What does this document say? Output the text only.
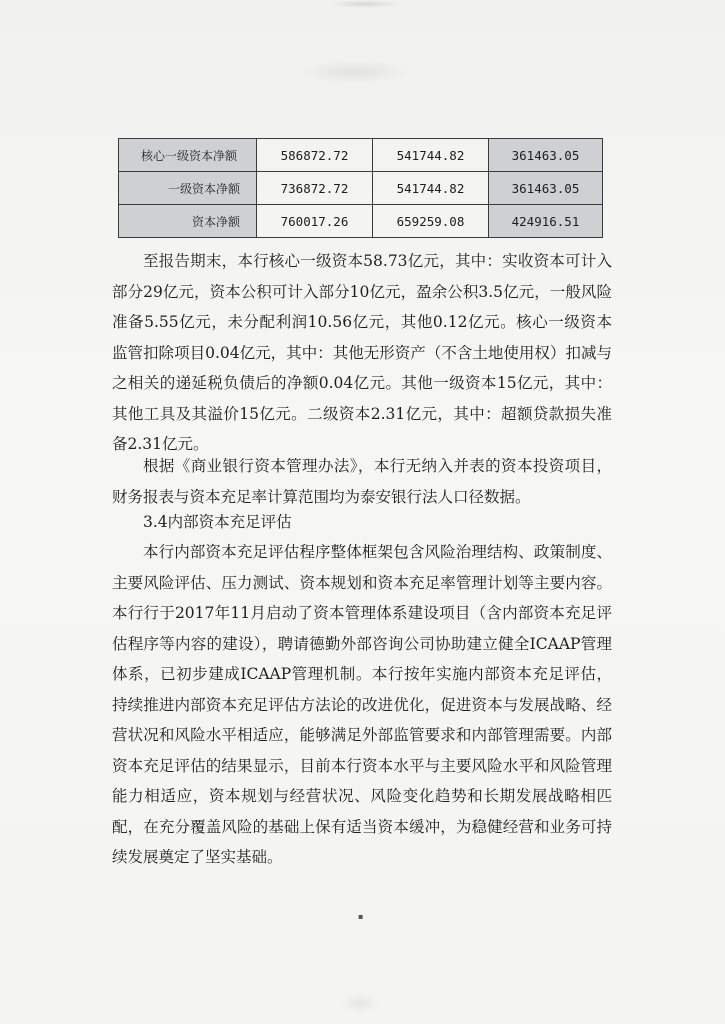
核心一级资本净额	586872.72	541744.82	361463.05
一级资本净额	736872.72	541744.82	361463.05
资本净额	760017.26	659259.08	424916.51

至报告期末，本行核心一级资本58.73亿元，其中：实收资本可计入部分29亿元，资本公积可计入部分10亿元，盈余公积3.5亿元，一般风险准备5.55亿元，未分配利润10.56亿元，其他0.12亿元。核心一级资本监管扣除项目0.04亿元，其中：其他无形资产（不含土地使用权）扣减与之相关的递延税负债后的净额0.04亿元。其他一级资本15亿元，其中：其他工具及其溢价15亿元。二级资本2.31亿元，其中：超额贷款损失准备2.31亿元。

根据《商业银行资本管理办法》，本行无纳入并表的资本投资项目，财务报表与资本充足率计算范围均为泰安银行法人口径数据。

3.4内部资本充足评估

本行内部资本充足评估程序整体框架包含风险治理结构、政策制度、主要风险评估、压力测试、资本规划和资本充足率管理计划等主要内容。本行行于2017年11月启动了资本管理体系建设项目（含内部资本充足评估程序等内容的建设），聘请德勤外部咨询公司协助建立健全ICAAP管理体系，已初步建成ICAAP管理机制。本行按年实施内部资本充足评估，持续推进内部资本充足评估方法论的改进优化，促进资本与发展战略、经营状况和风险水平相适应，能够满足外部监管要求和内部管理需要。内部资本充足评估的结果显示，目前本行资本水平与主要风险水平和风险管理能力相适应，资本规划与经营状况、风险变化趋势和长期发展战略相匹配，在充分覆盖风险的基础上保有适当资本缓冲，为稳健经营和业务可持续发展奠定了坚实基础。

▪
